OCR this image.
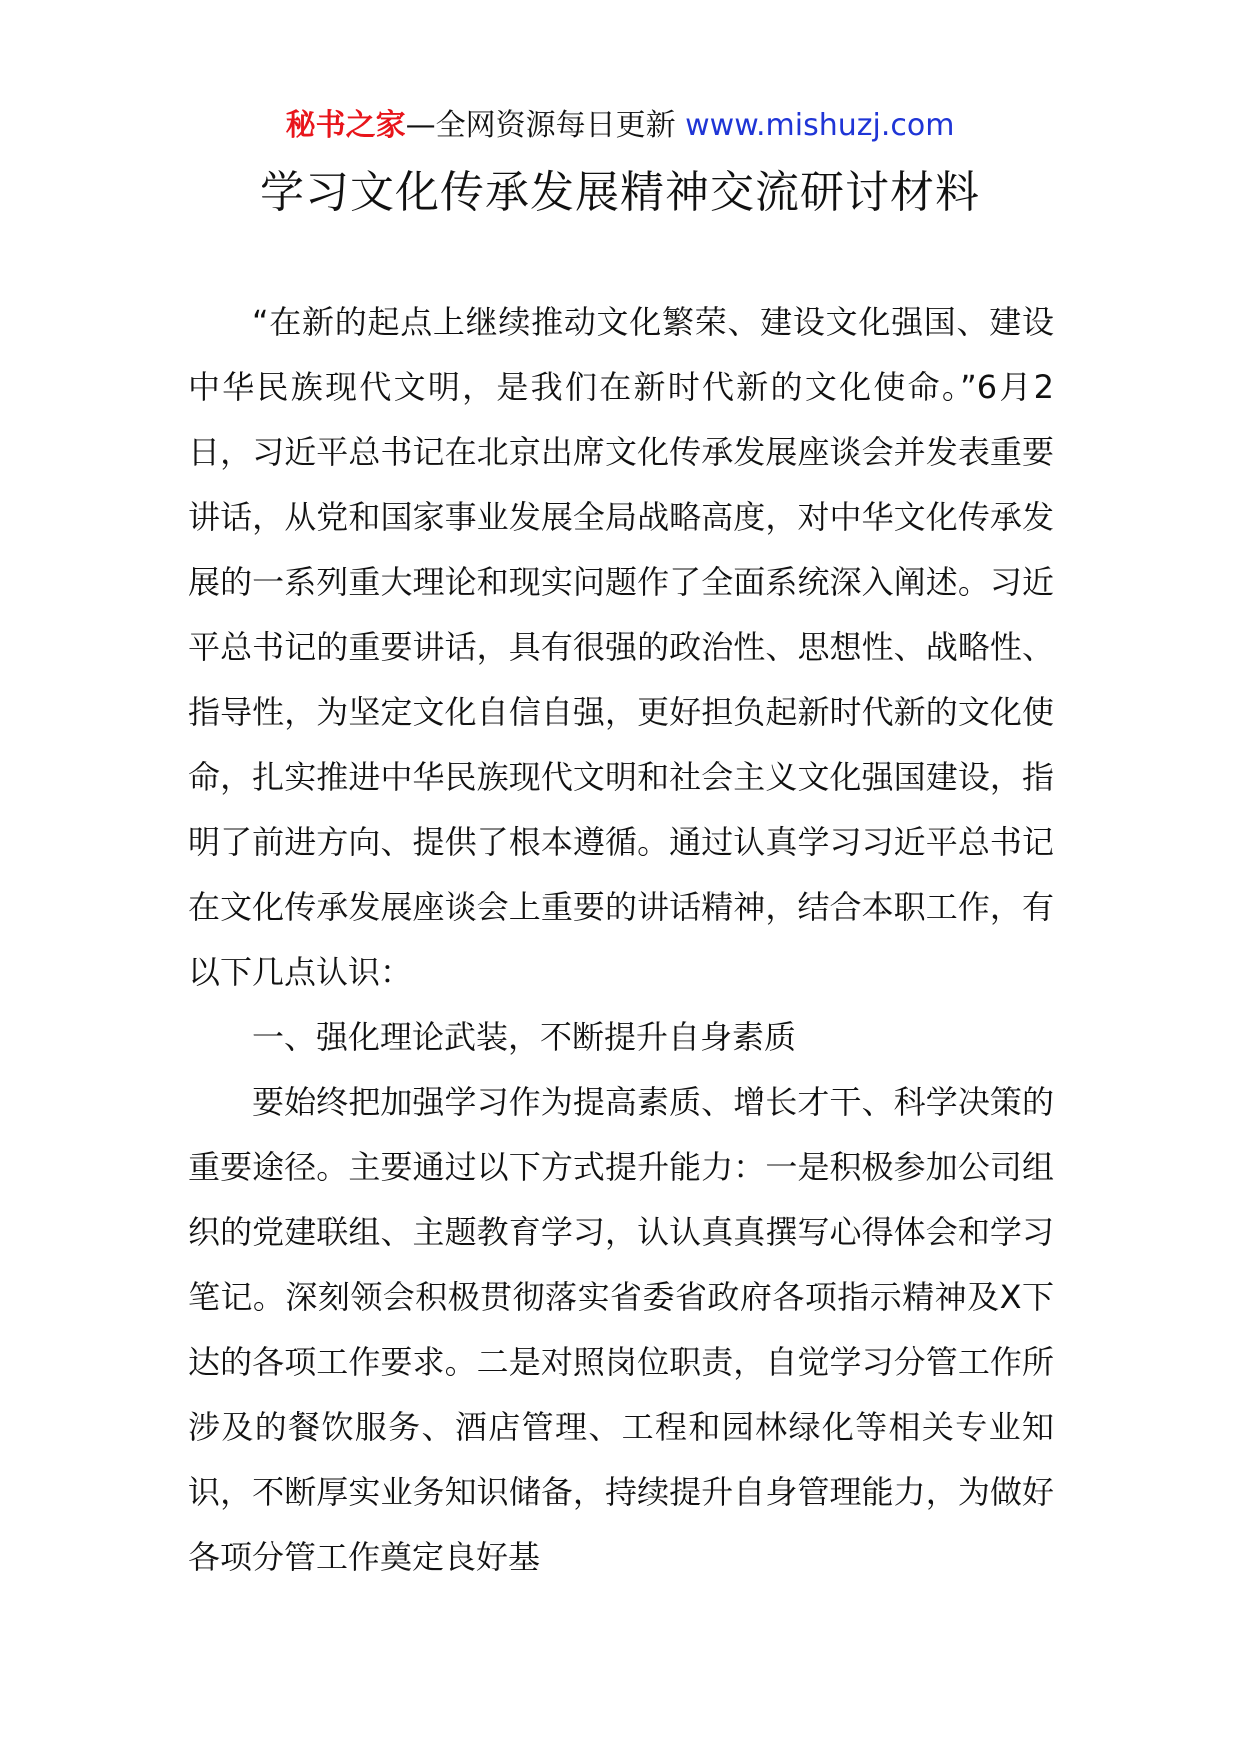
秘书之家—全网资源每日更新 www.mishuzj.com
学习文化传承发展精神交流研讨材料

“在新的起点上继续推动文化繁荣、建设文化强国、建设中华民族现代文明，是我们在新时代新的文化使命。”6月2日，习近平总书记在北京出席文化传承发展座谈会并发表重要讲话，从党和国家事业发展全局战略高度，对中华文化传承发展的一系列重大理论和现实问题作了全面系统深入阐述。习近平总书记的重要讲话，具有很强的政治性、思想性、战略性、指导性，为坚定文化自信自强，更好担负起新时代新的文化使命，扎实推进中华民族现代文明和社会主义文化强国建设，指明了前进方向、提供了根本遵循。通过认真学习习近平总书记在文化传承发展座谈会上重要的讲话精神，结合本职工作，有以下几点认识：

一、强化理论武装，不断提升自身素质

要始终把加强学习作为提高素质、增长才干、科学决策的重要途径。主要通过以下方式提升能力：一是积极参加公司组织的党建联组、主题教育学习，认认真真撰写心得体会和学习笔记。深刻领会积极贯彻落实省委省政府各项指示精神及X下达的各项工作要求。二是对照岗位职责，自觉学习分管工作所涉及的餐饮服务、酒店管理、工程和园林绿化等相关专业知识，不断厚实业务知识储备，持续提升自身管理能力，为做好各项分管工作奠定良好基
